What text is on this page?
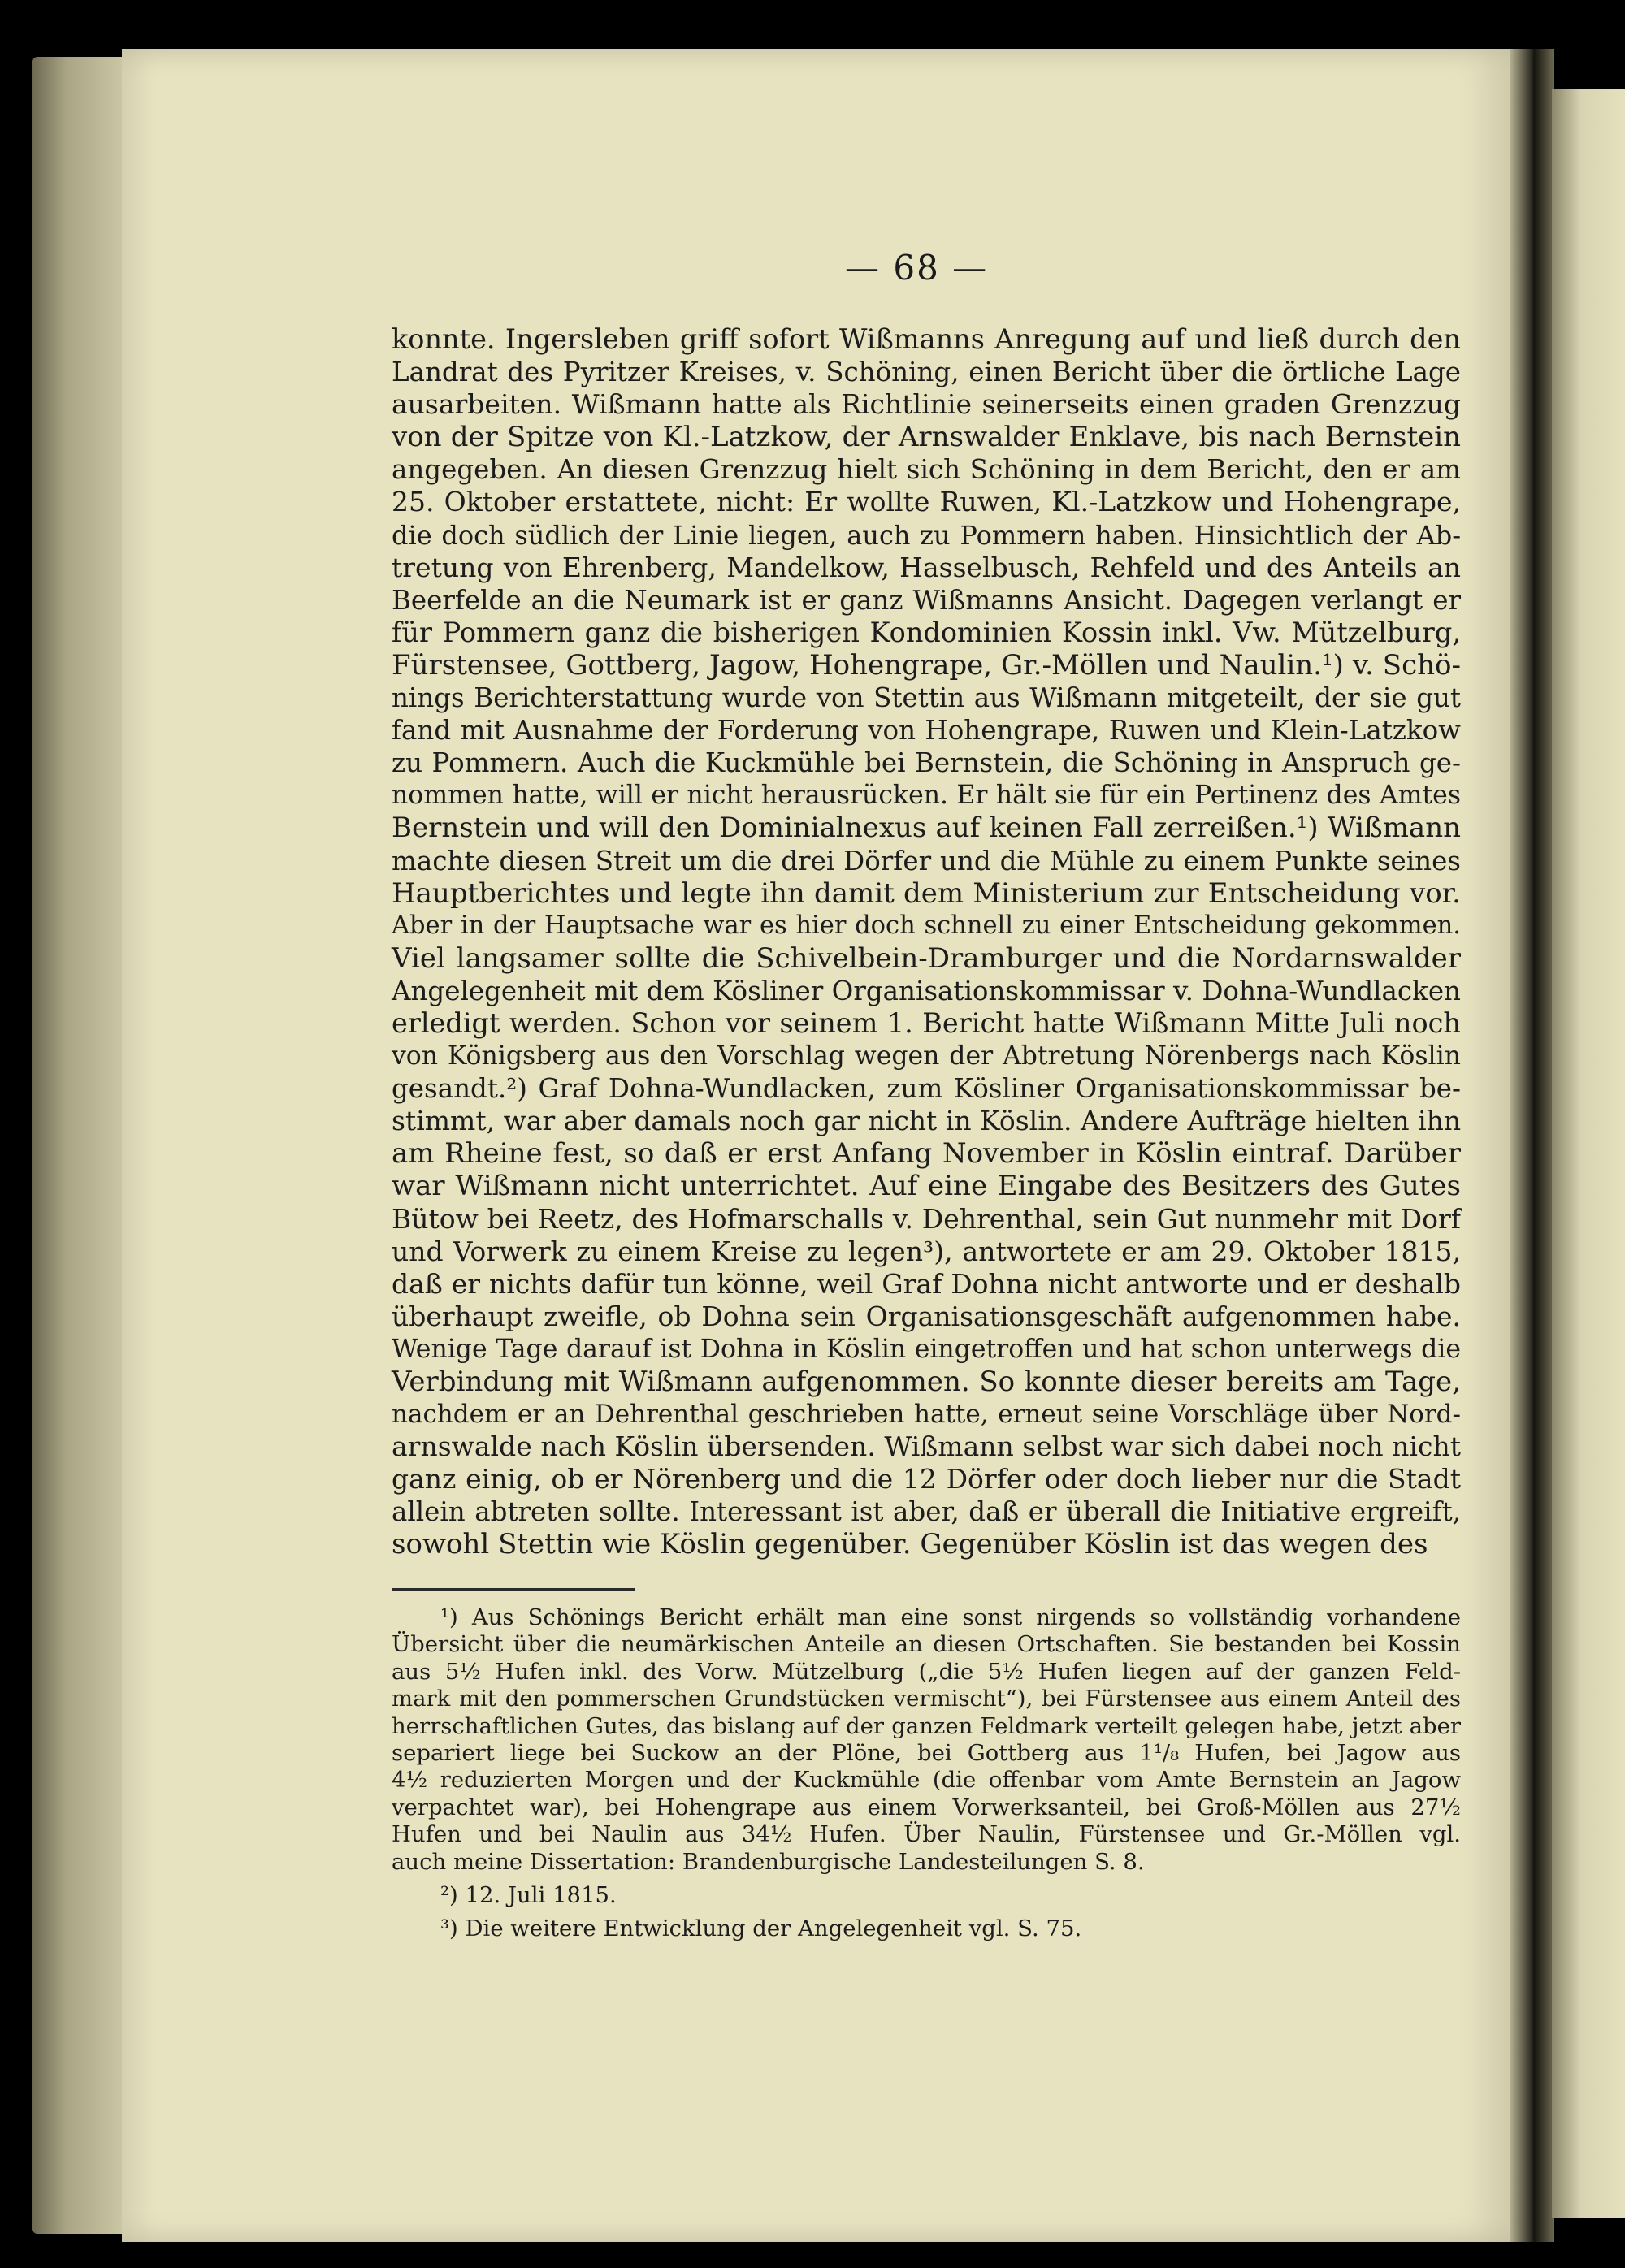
— 68 —
konnte. Ingersleben griff sofort Wißmanns Anregung auf und ließ durch den
Landrat des Pyritzer Kreises, v. Schöning, einen Bericht über die örtliche Lage
ausarbeiten. Wißmann hatte als Richtlinie seinerseits einen graden Grenzzug
von der Spitze von Kl.-Latzkow, der Arnswalder Enklave, bis nach Bernstein
angegeben. An diesen Grenzzug hielt sich Schöning in dem Bericht, den er am
25. Oktober erstattete, nicht: Er wollte Ruwen, Kl.-Latzkow und Hohengrape,
die doch südlich der Linie liegen, auch zu Pommern haben. Hinsichtlich der Ab-
tretung von Ehrenberg, Mandelkow, Hasselbusch, Rehfeld und des Anteils an
Beerfelde an die Neumark ist er ganz Wißmanns Ansicht. Dagegen verlangt er
für Pommern ganz die bisherigen Kondominien Kossin inkl. Vw. Mützelburg,
Fürstensee, Gottberg, Jagow, Hohengrape, Gr.-Möllen und Naulin.¹) v. Schö-
nings Berichterstattung wurde von Stettin aus Wißmann mitgeteilt, der sie gut
fand mit Ausnahme der Forderung von Hohengrape, Ruwen und Klein-Latzkow
zu Pommern. Auch die Kuckmühle bei Bernstein, die Schöning in Anspruch ge-
nommen hatte, will er nicht herausrücken. Er hält sie für ein Pertinenz des Amtes
Bernstein und will den Dominialnexus auf keinen Fall zerreißen.¹) Wißmann
machte diesen Streit um die drei Dörfer und die Mühle zu einem Punkte seines
Hauptberichtes und legte ihn damit dem Ministerium zur Entscheidung vor.
Aber in der Hauptsache war es hier doch schnell zu einer Entscheidung gekommen.
Viel langsamer sollte die Schivelbein-Dramburger und die Nordarnswalder
Angelegenheit mit dem Kösliner Organisationskommissar v. Dohna-Wundlacken
erledigt werden. Schon vor seinem 1. Bericht hatte Wißmann Mitte Juli noch
von Königsberg aus den Vorschlag wegen der Abtretung Nörenbergs nach Köslin
gesandt.²) Graf Dohna-Wundlacken, zum Kösliner Organisationskommissar be-
stimmt, war aber damals noch gar nicht in Köslin. Andere Aufträge hielten ihn
am Rheine fest, so daß er erst Anfang November in Köslin eintraf. Darüber
war Wißmann nicht unterrichtet. Auf eine Eingabe des Besitzers des Gutes
Bütow bei Reetz, des Hofmarschalls v. Dehrenthal, sein Gut nunmehr mit Dorf
und Vorwerk zu einem Kreise zu legen³), antwortete er am 29. Oktober 1815,
daß er nichts dafür tun könne, weil Graf Dohna nicht antworte und er deshalb
überhaupt zweifle, ob Dohna sein Organisationsgeschäft aufgenommen habe.
Wenige Tage darauf ist Dohna in Köslin eingetroffen und hat schon unterwegs die
Verbindung mit Wißmann aufgenommen. So konnte dieser bereits am Tage,
nachdem er an Dehrenthal geschrieben hatte, erneut seine Vorschläge über Nord-
arnswalde nach Köslin übersenden. Wißmann selbst war sich dabei noch nicht
ganz einig, ob er Nörenberg und die 12 Dörfer oder doch lieber nur die Stadt
allein abtreten sollte. Interessant ist aber, daß er überall die Initiative ergreift,
sowohl Stettin wie Köslin gegenüber. Gegenüber Köslin ist das wegen des
¹) Aus Schönings Bericht erhält man eine sonst nirgends so vollständig vorhandene
Übersicht über die neumärkischen Anteile an diesen Ortschaften. Sie bestanden bei Kossin
aus 5½ Hufen inkl. des Vorw. Mützelburg („die 5½ Hufen liegen auf der ganzen Feld-
mark mit den pommerschen Grundstücken vermischt“), bei Fürstensee aus einem Anteil des
herrschaftlichen Gutes, das bislang auf der ganzen Feldmark verteilt gelegen habe, jetzt aber
separiert liege bei Suckow an der Plöne, bei Gottberg aus 1¹/₈ Hufen, bei Jagow aus
4½ reduzierten Morgen und der Kuckmühle (die offenbar vom Amte Bernstein an Jagow
verpachtet war), bei Hohengrape aus einem Vorwerksanteil, bei Groß-Möllen aus 27½
Hufen und bei Naulin aus 34½ Hufen. Über Naulin, Fürstensee und Gr.-Möllen vgl.
auch meine Dissertation: Brandenburgische Landesteilungen S. 8.
²) 12. Juli 1815.
³) Die weitere Entwicklung der Angelegenheit vgl. S. 75.
